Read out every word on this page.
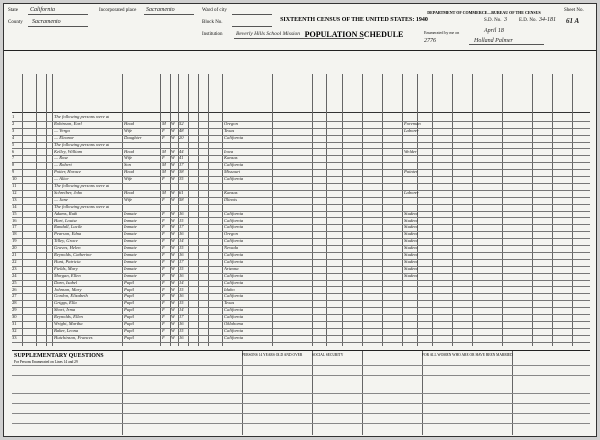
State California
County Sacramento
Incorporated place Sacramento	Ward of city
Block No.
Institution Beverly Hills School Mission
DEPARTMENT OF COMMERCE—BUREAU OF THE CENSUS
SIXTEENTH CENSUS OF THE UNITED STATES: 1940
POPULATION SCHEDULE
S.D. No. 3 E.D. No. 34-181
Sheet No.
61 A
Enumerated by me on	April 18
Holland Palmer
2776
1	The following persons were at
2	Robinson, Earl	Head	M W 52	Oregon	Foreman
3	— Verga	Wife	F W 48	Texas	Laborer
4	— Eleanor	Daughter	F W 20	California
5	The following persons were at
6	Kelley, William	Head	M W 44	Iowa	Welder
7	— Rose	Wife	F W 41	Kansas
8	— Robert	Son	M W 17	California
9	Potter, Horace	Head	M W 38	Missouri	Painter
10	— Alice	Wife	F W 35	California
11	The following persons were at
12	Schreiber, John	Head	M W 61	Kansas	Laborer
13	— Jane	Wife	F W 58	Illinois
14	The following persons were at
15	Adams, Ruth	Inmate	F W 16	California	Student
16	Hart, Louise	Inmate	F W 15	California	Student
17	Randall, Lucile	Inmate	F W 17	California	Student
18	Pearson, Edna	Inmate	F W 16	Oregon	Student
19	Tilley, Grace	Inmate	F W 14	California	Student
20	Graves, Helen	Inmate	F W 15	Nevada	Student
21	Reynolds, Catherine	Inmate	F W 16	California	Student
22	Hunt, Patricia	Inmate	F W 17	California	Student
23	Fields, Mary	Inmate	F W 15	Arizona	Student
24	Morgan, Ellen	Inmate	F W 16	California	Student
25	Darn, Isabel	Pupil	F W 14	California
26	Johnson, Mary	Pupil	F W 15	Idaho
27	Gordon, Elizabeth	Pupil	F W 16	California
28	Griggs, Ella	Pupil	F W 15	Texas
29	Short, Irma	Pupil	F W 14	California
30	Reynolds, Ellen	Pupil	F W 17	California
31	Wright, Martha	Pupil	F W 16	Oklahoma
32	Baker, Leona	Pupil	F W 15	California
33	Hutchinson, Frances	Pupil	F W 16	California
SUPPLEMENTARY QUESTIONS
For Persons Enumerated on Lines 14 and 29
PERSONS 14 YEARS OLD AND OVER	FOR ALL WOMEN WHO ARE OR HAVE BEEN MARRIED
SOCIAL SECURITY
